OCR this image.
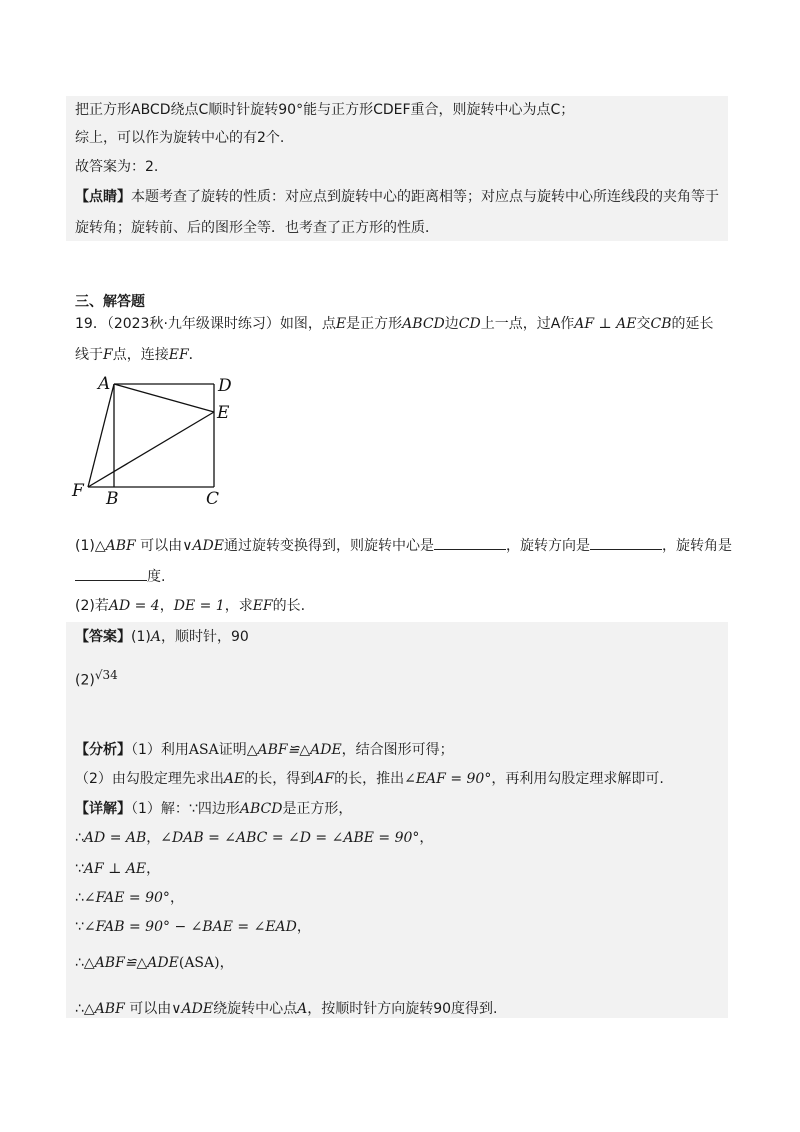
把正方形ABCD绕点C顺时针旋转90°能与正方形CDEF重合，则旋转中心为点C；
综上，可以作为旋转中心的有2个.
故答案为：2.
【点睛】本题考查了旋转的性质：对应点到旋转中心的距离相等；对应点与旋转中心所连线段的夹角等于
旋转角；旋转前、后的图形全等．也考查了正方形的性质．
三、解答题
19．（2023秋·九年级课时练习）如图，点E是正方形ABCD边CD上一点，过A作AF ⊥ AE交CB的延长
线于F点，连接EF．
A	D
E
F B	C
(1)△ABF 可以由∨ADE通过旋转变换得到，则旋转中心是	，旋转方向是	，旋转角是
度.
(2)若AD = 4，DE = 1，求EF的长.
【答案】(1)A，顺时针，90
$(2)^{√34}$
【分析】（1）利用ASA证明△ABF≌△ADE，结合图形可得；
（2）由勾股定理先求出AE的长，得到AF的长，推出∠EAF = 90°，再利用勾股定理求解即可.
【详解】（1）解：∵四边形ABCD是正方形，
∴AD = AB，∠DAB = ∠ABC = ∠D = ∠ABE = 90°，
∵AF ⊥ AE，
∴∠FAE = 90°，
∵∠FAB = 90° − ∠BAE = ∠EAD，
∴△ABF≌△ADE(ASA)，
∴△ABF 可以由∨ADE绕旋转中心点A，按顺时针方向旋转90度得到.
